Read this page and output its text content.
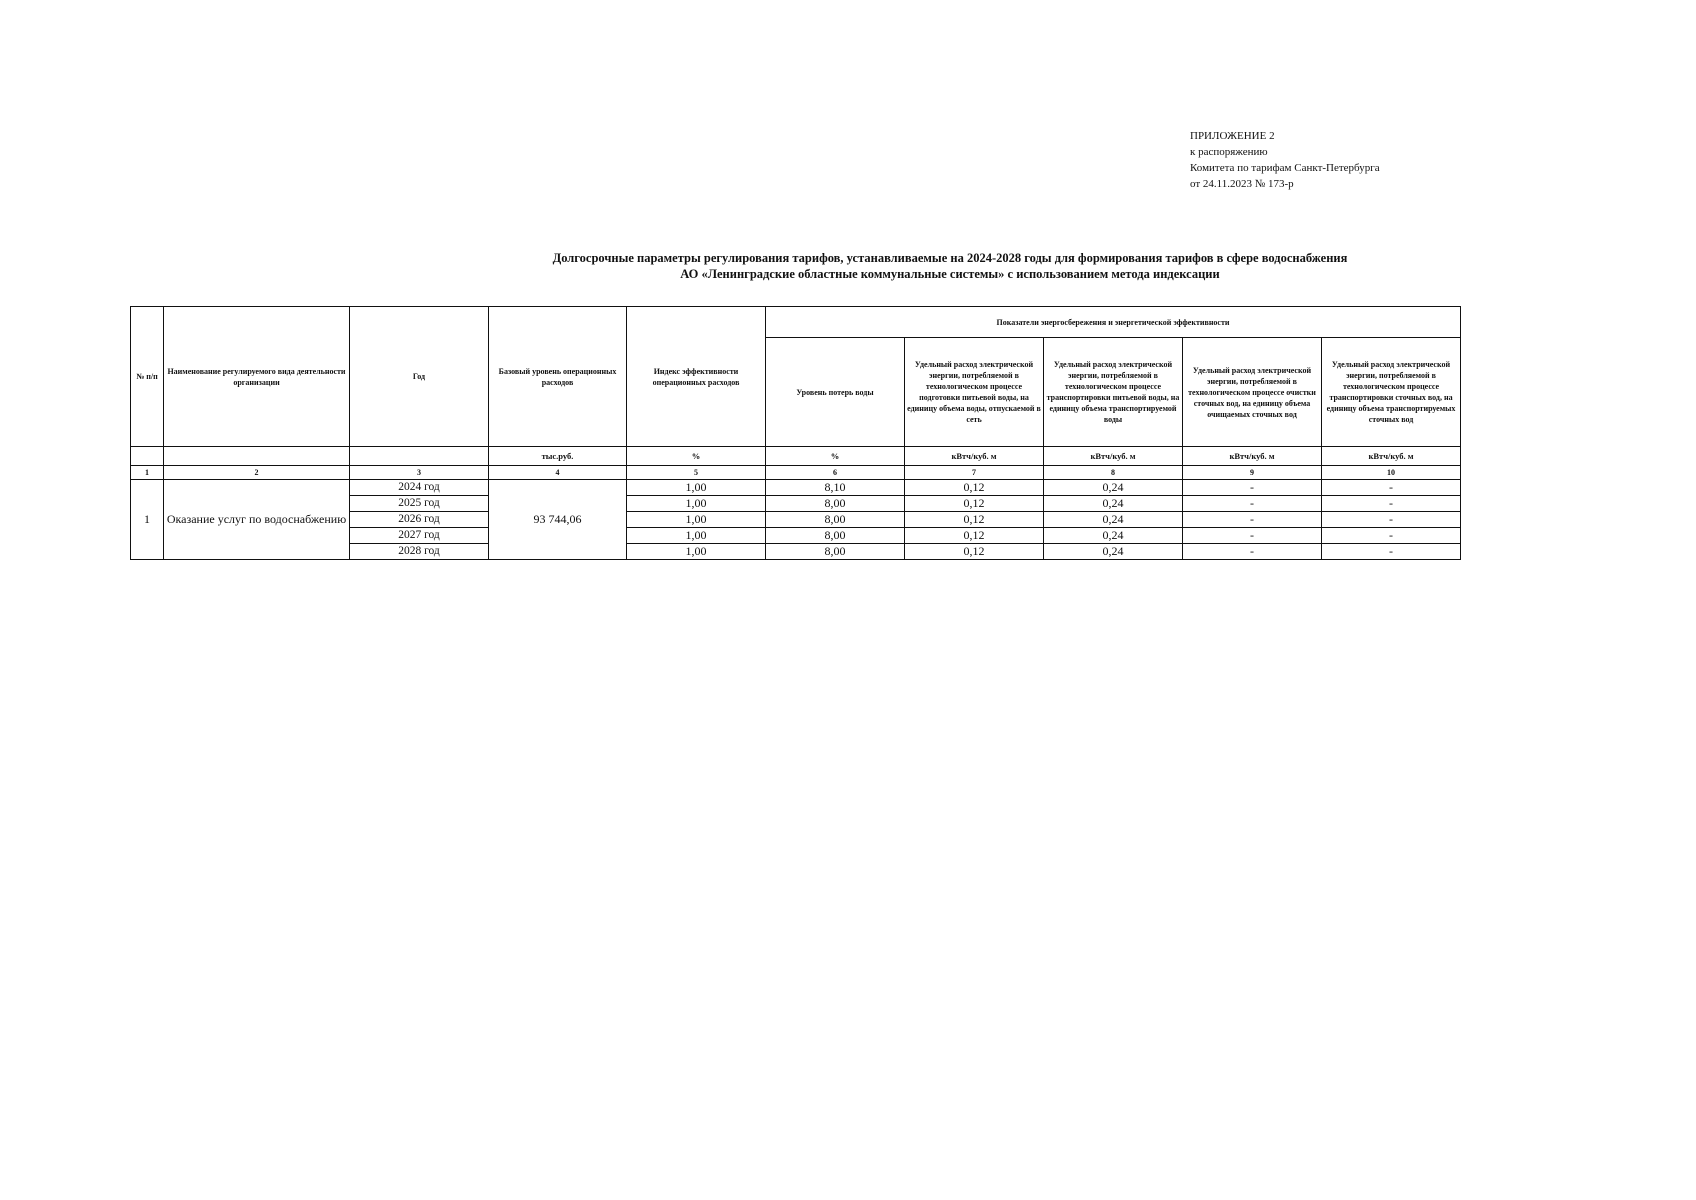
ПРИЛОЖЕНИЕ 2
к распоряжению
Комитета по тарифам Санкт-Петербурга
от 24.11.2023 № 173-р
Долгосрочные параметры регулирования тарифов, устанавливаемые на 2024-2028 годы для формирования тарифов в сфере водоснабжения
АО «Ленинградские областные коммунальные системы» с использованием метода индексации
№ п/п	Наименование регулируемого вида деятельности организации	Год	Базовый уровень операционных расходов	Индекс эффективности операционных расходов	Показатели энергосбережения и энергетической эффективности				
					Уровень потерь воды	Удельный расход электрической энергии, потребляемой в технологическом процессе подготовки питьевой воды, на единицу объема воды, отпускаемой в сеть	Удельный расход электрической энергии, потребляемой в технологическом процессе транспортировки питьевой воды, на единицу объема транспортируемой воды	Удельный расход электрической энергии, потребляемой в технологическом процессе очистки сточных вод, на единицу объема очищаемых сточных вод	Удельный расход электрической энергии, потребляемой в технологическом процессе транспортировки сточных вод, на единицу объема транспортируемых сточных вод
			тыс.руб.	%	%	кВтч/куб. м	кВтч/куб. м	кВтч/куб. м	кВтч/куб. м
1	2	3	4	5	6	7	8	9	10
1	Оказание услуг по водоснабжению	2024 год	93 744,06	1,00	8,10	0,12	0,24	-	-
		2025 год		1,00	8,00	0,12	0,24	-	-
		2026 год		1,00	8,00	0,12	0,24	-	-
		2027 год		1,00	8,00	0,12	0,24	-	-
		2028 год		1,00	8,00	0,12	0,24	-	-
